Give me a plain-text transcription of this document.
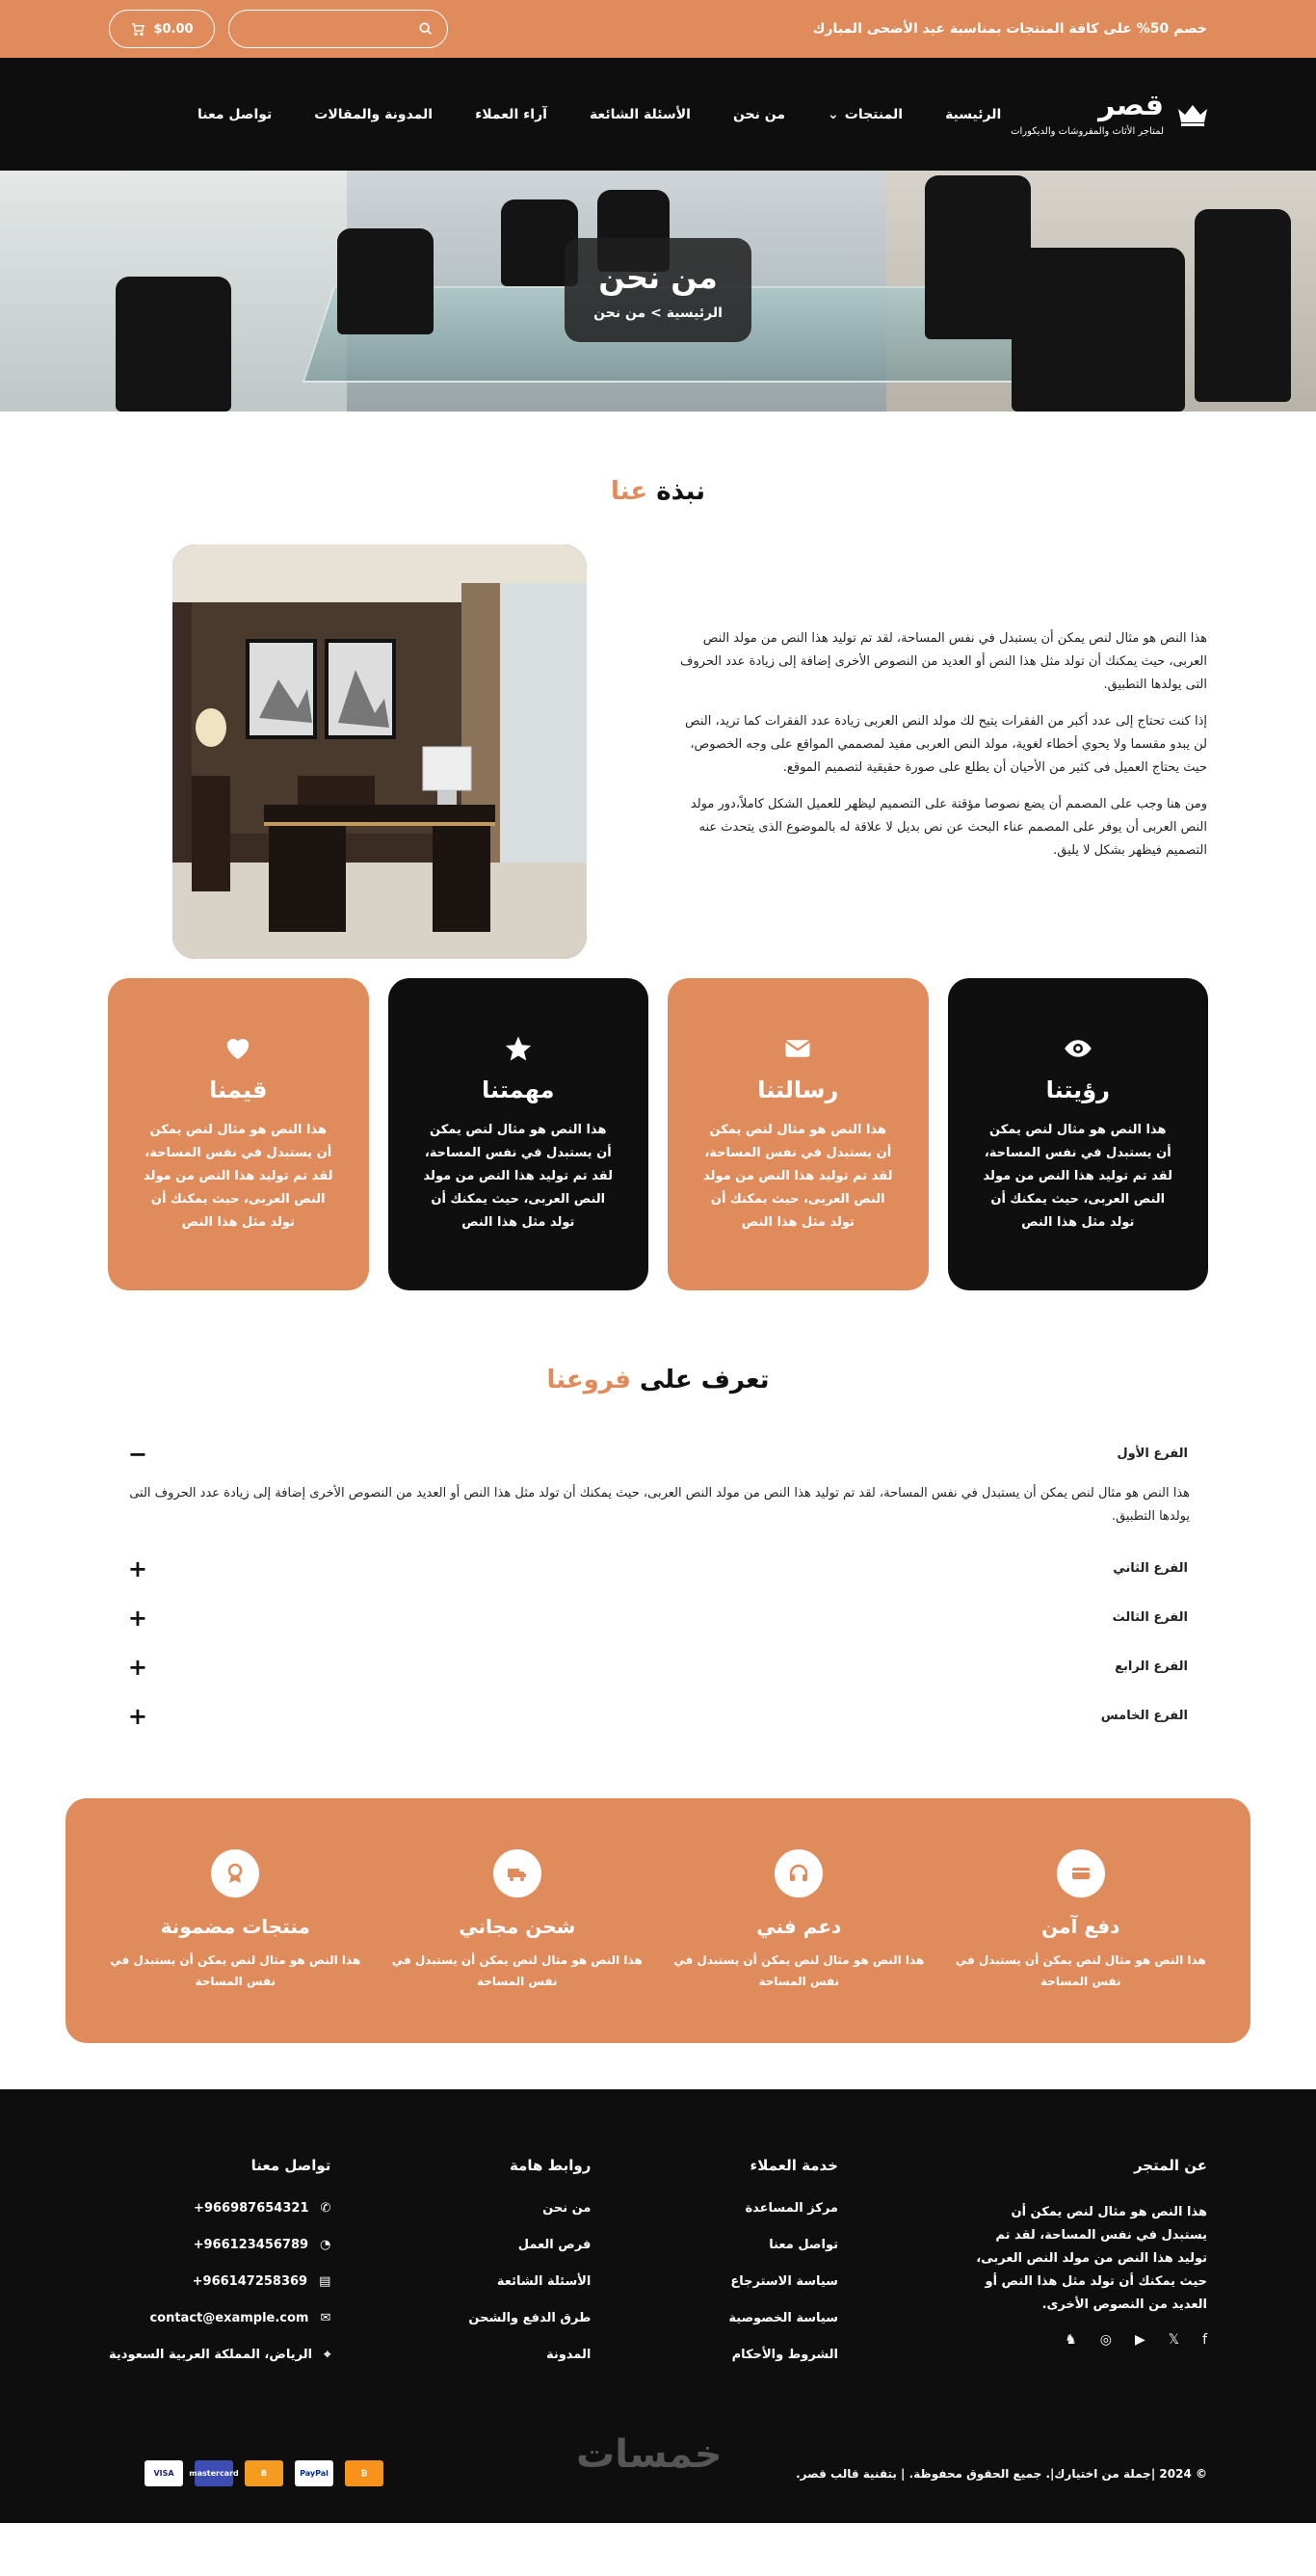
خصم 50% على كافة المنتجات بمناسبة عيد الأضحى المبارك
$0.00
قصر
لمتاجر الأثاث والمفروشات والديكورات
الرئيسية
المنتجات
⌄
من نحن
الأسئلة الشائعة
آراء العملاء
المدونة والمقالات
تواصل معنا
من نحن
الرئيسية > من نحن
نبذة عنا

هذا النص هو مثال لنص يمكن أن يستبدل في نفس المساحة، لقد تم توليد هذا النص من مولد النص العربى، حيث يمكنك أن تولد مثل هذا النص أو العديد من النصوص الأخرى إضافة إلى زيادة عدد الحروف التى يولدها التطبيق.

إذا كنت تحتاج إلى عدد أكبر من الفقرات يتيح لك مولد النص العربى زيادة عدد الفقرات كما تريد، النص لن يبدو مقسما ولا يحوي أخطاء لغوية، مولد النص العربى مفيد لمصممي المواقع على وجه الخصوص، حيث يحتاج العميل فى كثير من الأحيان أن يطلع على صورة حقيقية لتصميم الموقع.

ومن هنا وجب على المصمم أن يضع نصوصا مؤقتة على التصميم ليظهر للعميل الشكل كاملاً،دور مولد النص العربى أن يوفر على المصمم عناء البحث عن نص بديل لا علاقة له بالموضوع الذى يتحدث عنه التصميم فيظهر بشكل لا يليق.

رؤيتنا

هذا النص هو مثال لنص يمكن أن يستبدل في نفس المساحة، لقد تم توليد هذا النص من مولد النص العربى، حيث يمكنك أن تولد مثل هذا النص

رسالتنا

هذا النص هو مثال لنص يمكن أن يستبدل في نفس المساحة، لقد تم توليد هذا النص من مولد النص العربى، حيث يمكنك أن تولد مثل هذا النص

مهمتنا

هذا النص هو مثال لنص يمكن أن يستبدل في نفس المساحة، لقد تم توليد هذا النص من مولد النص العربى، حيث يمكنك أن تولد مثل هذا النص

قيمنا

هذا النص هو مثال لنص يمكن أن يستبدل في نفس المساحة، لقد تم توليد هذا النص من مولد النص العربى، حيث يمكنك أن تولد مثل هذا النص

تعرف على فروعنا
الفرع الأول
−
هذا النص هو مثال لنص يمكن أن يستبدل في نفس المساحة، لقد تم توليد هذا النص من مولد النص العربى، حيث يمكنك أن تولد مثل هذا النص أو العديد من النصوص الأخرى إضافة إلى زيادة عدد الحروف التى يولدها التطبيق.
الفرع الثاني
+
الفرع الثالث
+
الفرع الرابع
+
الفرع الخامس
+
دفع آمن

هذا النص هو مثال لنص يمكن أن يستبدل في نفس المساحة

دعم فني

هذا النص هو مثال لنص يمكن أن يستبدل في نفس المساحة

شحن مجاني

هذا النص هو مثال لنص يمكن أن يستبدل في نفس المساحة

منتجات مضمونة

هذا النص هو مثال لنص يمكن أن يستبدل في نفس المساحة

عن المتجر

هذا النص هو مثال لنص يمكن أن يستبدل في نفس المساحة، لقد تم توليد هذا النص من مولد النص العربى، حيث يمكنك أن تولد مثل هذا النص أو العديد من النصوص الأخرى.

f
𝕏
▶
◎
♞
خدمة العملاء
مركز المساعدة
تواصل معنا
سياسة الاسترجاع
سياسة الخصوصية
الشروط والأحكام
روابط هامة
من نحن
فرص العمل
الأسئلة الشائعة
طرق الدفع والشحن
المدونة
تواصل معنا
✆
+966987654321
◔
+966123456789
▤
+966147258369
✉
contact@example.com
⌖
الرياض، المملكة العربية السعودية
خمسات	© 2024 |جملة من اختيارك|. جميع الحقوق محفوظة. | بتقنية قالب قصر.
VISA	mastercard	B	PayPal	₿
